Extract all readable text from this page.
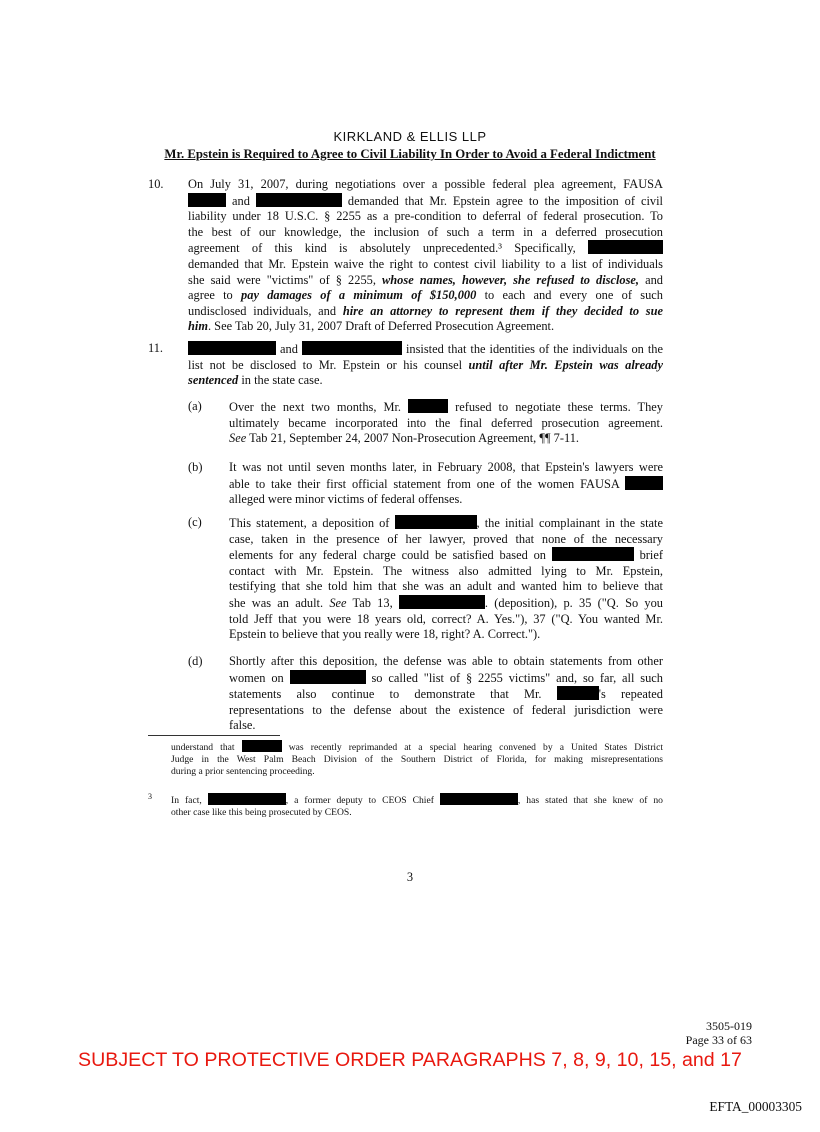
KIRKLAND & ELLIS LLP
Mr. Epstein is Required to Agree to Civil Liability In Order to Avoid a Federal Indictment
10. On July 31, 2007, during negotiations over a possible federal plea agreement, FAUSA
and	demanded that Mr. Epstein agree to the imposition of civil
liability under 18 U.S.C. § 2255 as a pre-condition to deferral of federal prosecution. To
the best of our knowledge, the inclusion of such a term in a deferred prosecution
agreement of this kind is absolutely unprecedented.³ Specifically,
demanded that Mr. Epstein waive the right to contest civil liability to a list of individuals
she said were "victims" of § 2255, whose names, however, she refused to disclose, and
agree to pay damages of a minimum of $150,000 to each and every one of such
undisclosed individuals, and hire an attorney to represent them if they decided to sue
him. See Tab 20, July 31, 2007 Draft of Deferred Prosecution Agreement.
11.	and	insisted that the identities of the individuals on the
list not be disclosed to Mr. Epstein or his counsel until after Mr. Epstein was already
sentenced in the state case.
(a) Over the next two months, Mr.	refused to negotiate these terms. They
ultimately became incorporated into the final deferred prosecution agreement.
See Tab 21, September 24, 2007 Non-Prosecution Agreement, ¶¶ 7-11.
(b) It was not until seven months later, in February 2008, that Epstein's lawyers were
able to take their first official statement from one of the women FAUSA
alleged were minor victims of federal offenses.
(c) This statement, a deposition of	, the initial complainant in the state
case, taken in the presence of her lawyer, proved that none of the necessary
elements for any federal charge could be satisfied based on	brief
contact with Mr. Epstein. The witness also admitted lying to Mr. Epstein,
testifying that she told him that she was an adult and wanted him to believe that
she was an adult. See Tab 13,	. (deposition), p. 35 ("Q. So you
told Jeff that you were 18 years old, correct? A. Yes."), 37 ("Q. You wanted Mr.
Epstein to believe that you really were 18, right? A. Correct.").
(d) Shortly after this deposition, the defense was able to obtain statements from other
women on	so called "list of § 2255 victims" and, so far, all such
statements also continue to demonstrate that Mr.	's repeated
representations to the defense about the existence of federal jurisdiction were
false.
understand that	was recently reprimanded at a special hearing convened by a United States District
Judge in the West Palm Beach Division of the Southern District of Florida, for making misrepresentations
during a prior sentencing proceeding.
3 In fact,	, a former deputy to CEOS Chief	, has stated that she knew of no
other case like this being prosecuted by CEOS.
3
3505-019
Page 33 of 63
SUBJECT TO PROTECTIVE ORDER PARAGRAPHS 7, 8, 9, 10, 15, and 17
EFTA_00003305
